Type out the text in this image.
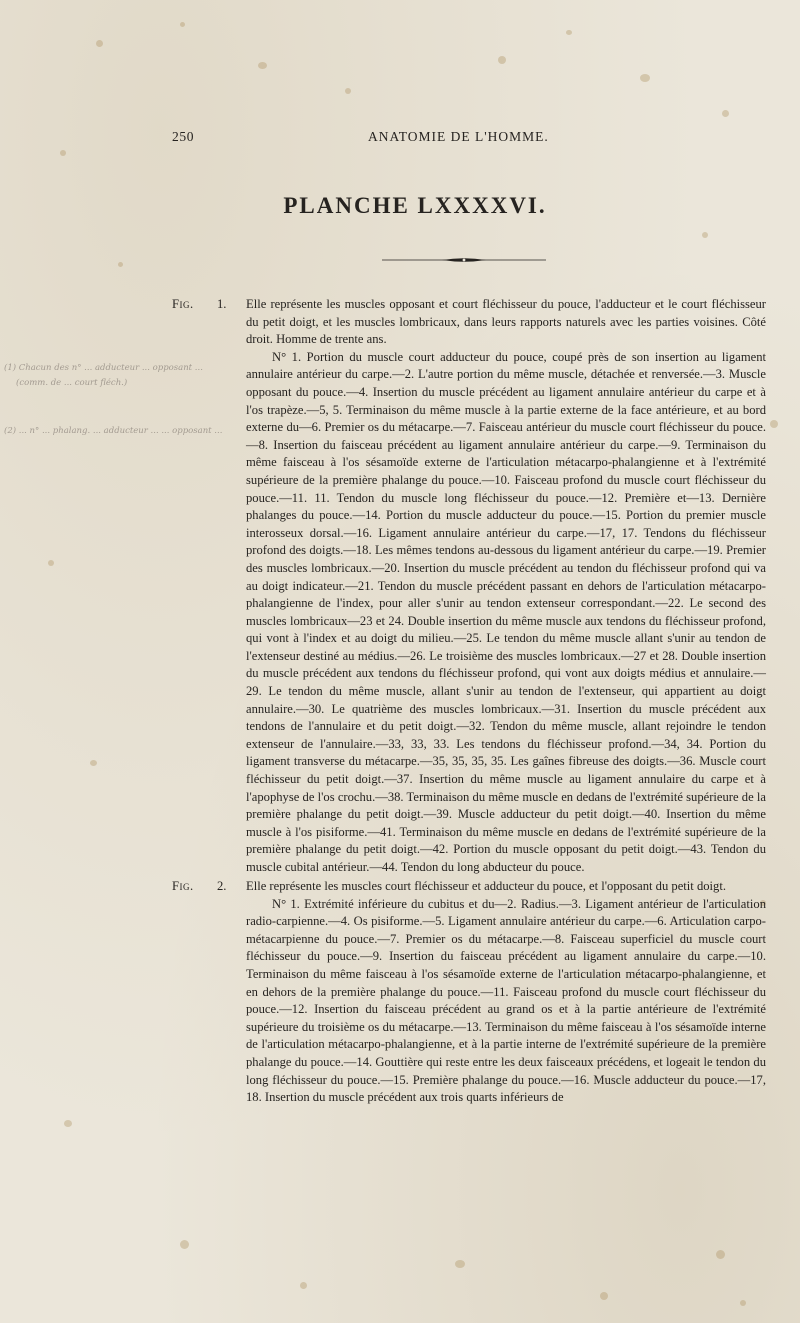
250	ANATOMIE DE L'HOMME.
PLANCHE LXXXXVI.
(1) Chacun des n° ... adducteur ... opposant ...
(comm. de ... court fléch.)
(2) ... n° ... phalang. ... adducteur ... ... opposant ...
Fig. 1. Elle représente les muscles opposant et court fléchisseur du pouce, l'adducteur et le court fléchisseur du petit doigt, et les muscles lombricaux, dans leurs rapports naturels avec les parties voisines. Côté droit. Homme de trente ans.

N° 1. Portion du muscle court adducteur du pouce, coupé près de son insertion au ligament annulaire antérieur du carpe.—2. L'autre portion du même muscle, détachée et renversée.—3. Muscle opposant du pouce.—4. Insertion du muscle précédent au ligament annulaire antérieur du carpe et à l'os trapèze.—5, 5. Terminaison du même muscle à la partie externe de la face antérieure, et au bord externe du—6. Premier os du métacarpe.—7. Faisceau antérieur du muscle court fléchisseur du pouce.—8. Insertion du faisceau précédent au ligament annulaire antérieur du carpe.—9. Terminaison du même faisceau à l'os sésamoïde externe de l'articulation métacarpo-phalangienne et à l'extrémité supérieure de la première phalange du pouce.—10. Faisceau profond du muscle court fléchisseur du pouce.—11. 11. Tendon du muscle long fléchisseur du pouce.—12. Première et—13. Dernière phalanges du pouce.—14. Portion du muscle adducteur du pouce.—15. Portion du premier muscle interosseux dorsal.—16. Ligament annulaire antérieur du carpe.—17, 17. Tendons du fléchisseur profond des doigts.—18. Les mêmes tendons au-dessous du ligament antérieur du carpe.—19. Premier des muscles lombricaux.—20. Insertion du muscle précédent au tendon du fléchisseur profond qui va au doigt indicateur.—21. Tendon du muscle précédent passant en dehors de l'articulation métacarpo-phalangienne de l'index, pour aller s'unir au tendon extenseur correspondant.—22. Le second des muscles lombricaux—23 et 24. Double insertion du même muscle aux tendons du fléchisseur profond, qui vont à l'index et au doigt du milieu.—25. Le tendon du même muscle allant s'unir au tendon de l'extenseur destiné au médius.—26. Le troisième des muscles lombricaux.—27 et 28. Double insertion du muscle précédent aux tendons du fléchisseur profond, qui vont aux doigts médius et annulaire.—29. Le tendon du même muscle, allant s'unir au tendon de l'extenseur, qui appartient au doigt annulaire.—30. Le quatrième des muscles lombricaux.—31. Insertion du muscle précédent aux tendons de l'annulaire et du petit doigt.—32. Tendon du même muscle, allant rejoindre le tendon extenseur de l'annulaire.—33, 33, 33. Les tendons du fléchisseur profond.—34, 34. Portion du ligament transverse du métacarpe.—35, 35, 35, 35. Les gaînes fibreuse des doigts.—36. Muscle court fléchisseur du petit doigt.—37. Insertion du même muscle au ligament annulaire du carpe et à l'apophyse de l'os crochu.—38. Terminaison du même muscle en dedans de l'extrémité supérieure de la première phalange du petit doigt.—39. Muscle adducteur du petit doigt.—40. Insertion du même muscle à l'os pisiforme.—41. Terminaison du même muscle en dedans de l'extrémité supérieure de la première phalange du petit doigt.—42. Portion du muscle opposant du petit doigt.—43. Tendon du muscle cubital antérieur.—44. Tendon du long abducteur du pouce.

Fig. 2. Elle représente les muscles court fléchisseur et adducteur du pouce, et l'opposant du petit doigt.

N° 1. Extrémité inférieure du cubitus et du—2. Radius.—3. Ligament antérieur de l'articulation radio-carpienne.—4. Os pisiforme.—5. Ligament annulaire antérieur du carpe.—6. Articulation carpo-métacarpienne du pouce.—7. Premier os du métacarpe.—8. Faisceau superficiel du muscle court fléchisseur du pouce.—9. Insertion du faisceau précédent au ligament annulaire du carpe.—10. Terminaison du même faisceau à l'os sésamoïde externe de l'articulation métacarpo-phalangienne, et en dehors de la première phalange du pouce.—11. Faisceau profond du muscle court fléchisseur du pouce.—12. Insertion du faisceau précédent au grand os et à la partie antérieure de l'extrémité supérieure du troisième os du métacarpe.—13. Terminaison du même faisceau à l'os sésamoïde interne de l'articulation métacarpo-phalangienne, et à la partie interne de l'extrémité supérieure de la première phalange du pouce.—14. Gouttière qui reste entre les deux faisceaux précédens, et logeait le tendon du long fléchisseur du pouce.—15. Première phalange du pouce.—16. Muscle adducteur du pouce.—17, 18. Insertion du muscle précédent aux trois quarts inférieurs de
